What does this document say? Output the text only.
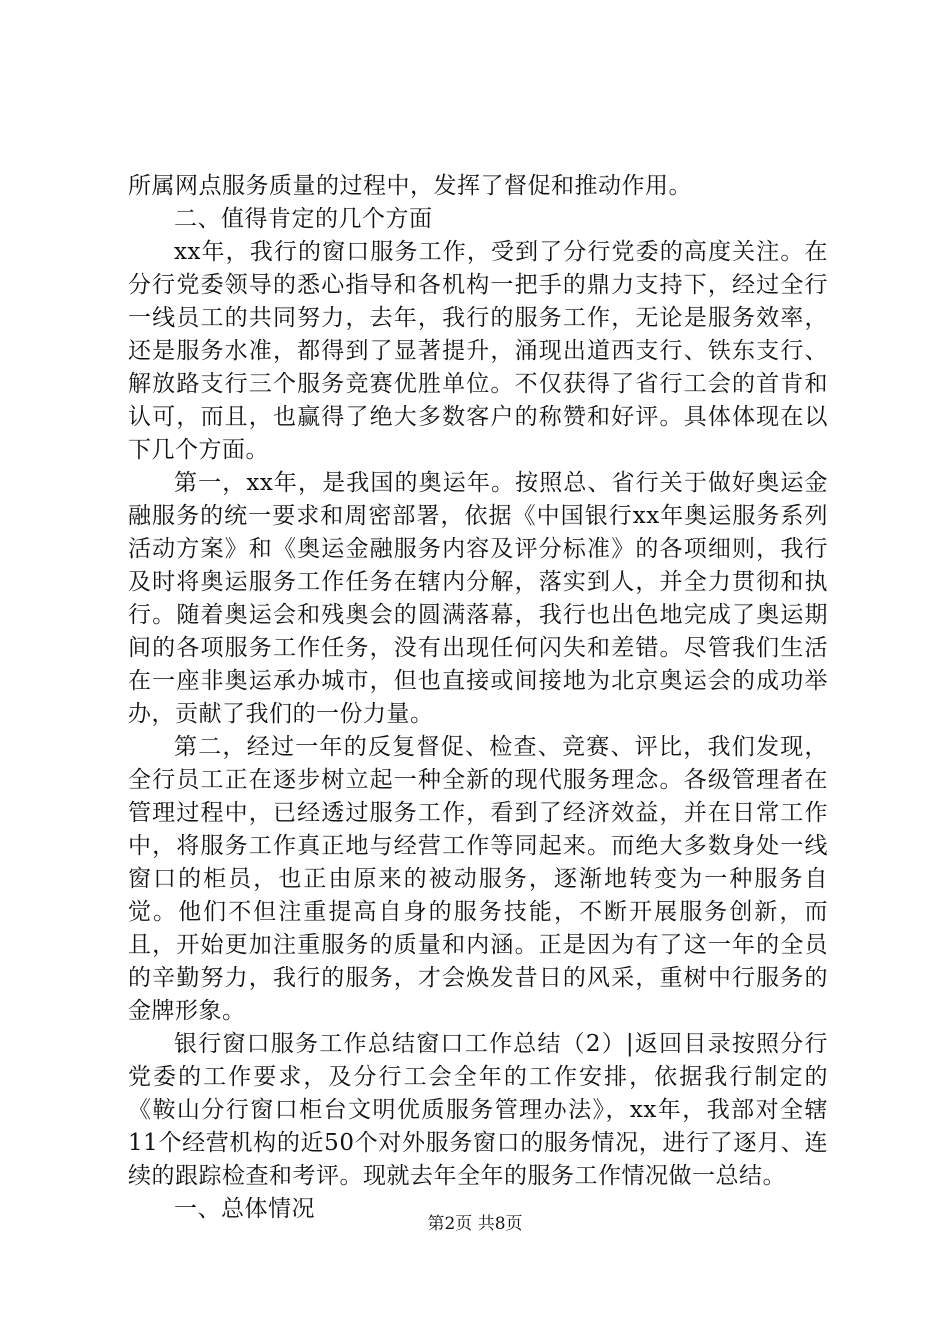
所属网点服务质量的过程中，发挥了督促和推动作用。

二、值得肯定的几个方面

xx年，我行的窗口服务工作，受到了分行党委的高度关注。在分行党委领导的悉心指导和各机构一把手的鼎力支持下，经过全行一线员工的共同努力，去年，我行的服务工作，无论是服务效率，还是服务水准，都得到了显著提升，涌现出道西支行、铁东支行、解放路支行三个服务竞赛优胜单位。不仅获得了省行工会的首肯和认可，而且，也赢得了绝大多数客户的称赞和好评。具体体现在以下几个方面。

第一，xx年，是我国的奥运年。按照总、省行关于做好奥运金融服务的统一要求和周密部署，依据《中国银行xx年奥运服务系列活动方案》和《奥运金融服务内容及评分标准》的各项细则，我行及时将奥运服务工作任务在辖内分解，落实到人，并全力贯彻和执行。随着奥运会和残奥会的圆满落幕，我行也出色地完成了奥运期间的各项服务工作任务，没有出现任何闪失和差错。尽管我们生活在一座非奥运承办城市，但也直接或间接地为北京奥运会的成功举办，贡献了我们的一份力量。

第二，经过一年的反复督促、检查、竞赛、评比，我们发现，全行员工正在逐步树立起一种全新的现代服务理念。各级管理者在管理过程中，已经透过服务工作，看到了经济效益，并在日常工作中，将服务工作真正地与经营工作等同起来。而绝大多数身处一线窗口的柜员，也正由原来的被动服务，逐渐地转变为一种服务自觉。他们不但注重提高自身的服务技能，不断开展服务创新，而且，开始更加注重服务的质量和内涵。正是因为有了这一年的全员的辛勤努力，我行的服务，才会焕发昔日的风采，重树中行服务的金牌形象。

银行窗口服务工作总结窗口工作总结（2）|返回目录按照分行党委的工作要求，及分行工会全年的工作安排，依据我行制定的《鞍山分行窗口柜台文明优质服务管理办法》，xx年，我部对全辖11个经营机构的近50个对外服务窗口的服务情况，进行了逐月、连续的跟踪检查和考评。现就去年全年的服务工作情况做一总结。

一、总体情况

第2页 共8页
